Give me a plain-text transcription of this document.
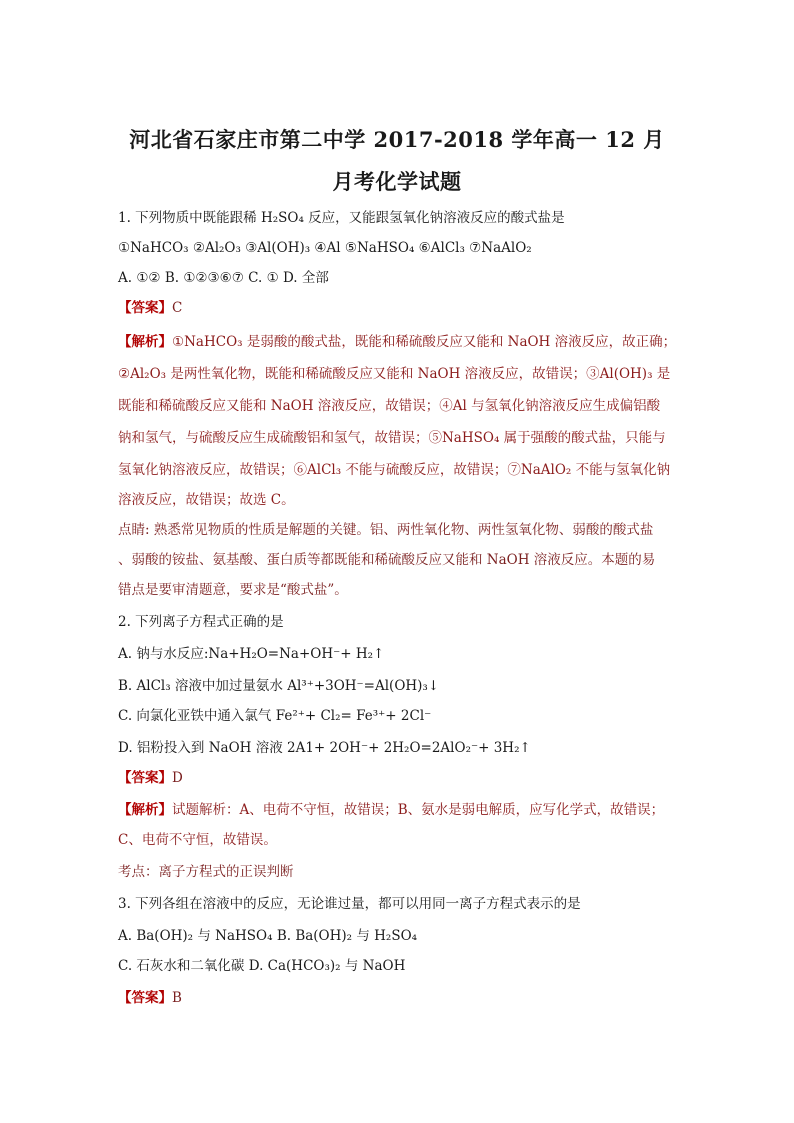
河北省石家庄市第二中学 2017-2018 学年高一 12 月
月考化学试题
1. 下列物质中既能跟稀 H₂SO₄ 反应，又能跟氢氧化钠溶液反应的酸式盐是
①NaHCO₃ ②Al₂O₃ ③Al(OH)₃ ④Al ⑤NaHSO₄ ⑥AlCl₃ ⑦NaAlO₂
A. ①② B. ①②③⑥⑦ C. ① D. 全部
【答案】C
【解析】①NaHCO₃ 是弱酸的酸式盐，既能和稀硫酸反应又能和 NaOH 溶液反应，故正确；
②Al₂O₃ 是两性氧化物，既能和稀硫酸反应又能和 NaOH 溶液反应，故错误；③Al(OH)₃ 是
既能和稀硫酸反应又能和 NaOH 溶液反应，故错误；④Al 与氢氧化钠溶液反应生成偏铝酸
钠和氢气，与硫酸反应生成硫酸铝和氢气，故错误；⑤NaHSO₄ 属于强酸的酸式盐，只能与
氢氧化钠溶液反应，故错误；⑥AlCl₃ 不能与硫酸反应，故错误；⑦NaAlO₂ 不能与氢氧化钠
溶液反应，故错误；故选 C。
点睛: 熟悉常见物质的性质是解题的关键。铝、两性氧化物、两性氢氧化物、弱酸的酸式盐
、弱酸的铵盐、氨基酸、蛋白质等都既能和稀硫酸反应又能和 NaOH 溶液反应。本题的易
错点是要审清题意，要求是“酸式盐”。
2. 下列离子方程式正确的是
A. 钠与水反应:Na+H₂O=Na+OH⁻+ H₂↑
B. AlCl₃ 溶液中加过量氨水 Al³⁺+3OH⁻=Al(OH)₃↓
C. 向氯化亚铁中通入氯气 Fe²⁺+ Cl₂= Fe³⁺+ 2Cl⁻
D. 铝粉投入到 NaOH 溶液 2A1+ 2OH⁻+ 2H₂O=2AlO₂⁻+ 3H₂↑
【答案】D
【解析】试题解析：A、电荷不守恒，故错误；B、氨水是弱电解质，应写化学式，故错误；
C、电荷不守恒，故错误。
考点：离子方程式的正误判断
3. 下列各组在溶液中的反应，无论谁过量，都可以用同一离子方程式表示的是
A. Ba(OH)₂ 与 NaHSO₄ B. Ba(OH)₂ 与 H₂SO₄
C. 石灰水和二氧化碳 D. Ca(HCO₃)₂ 与 NaOH
【答案】B
